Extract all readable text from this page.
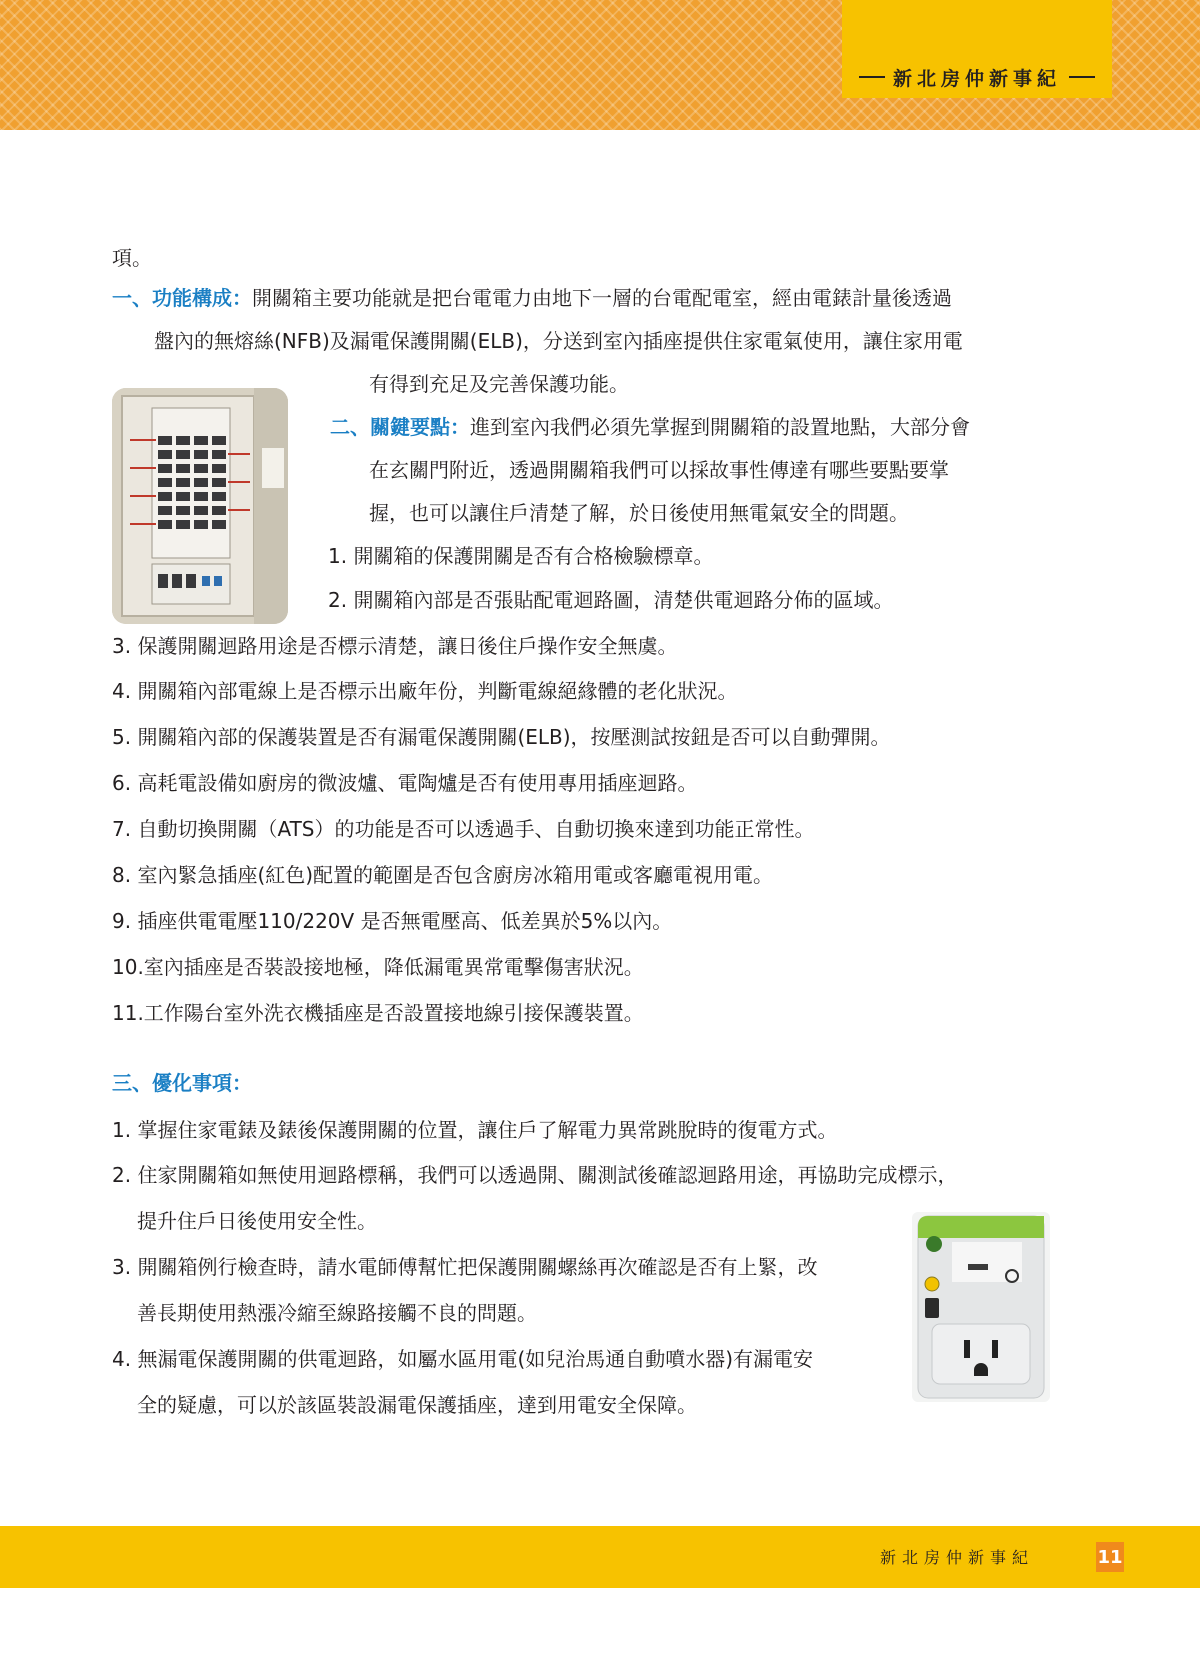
新北房仲新事紀
項。
一、功能構成：開關箱主要功能就是把台電電力由地下一層的台電配電室，經由電錶計量後透過
盤內的無熔絲(NFB)及漏電保護開關(ELB)，分送到室內插座提供住家電氣使用，讓住家用電
有得到充足及完善保護功能。
二、關鍵要點：進到室內我們必須先掌握到開關箱的設置地點，大部分會
在玄關門附近，透過開關箱我們可以採故事性傳達有哪些要點要掌
握，也可以讓住戶清楚了解，於日後使用無電氣安全的問題。
1. 開關箱的保護開關是否有合格檢驗標章。
2. 開關箱內部是否張貼配電迴路圖，清楚供電迴路分佈的區域。
3. 保護開關迴路用途是否標示清楚，讓日後住戶操作安全無虞。
4. 開關箱內部電線上是否標示出廠年份，判斷電線絕緣體的老化狀況。
5. 開關箱內部的保護裝置是否有漏電保護開關(ELB)，按壓測試按鈕是否可以自動彈開。
6. 高耗電設備如廚房的微波爐、電陶爐是否有使用專用插座迴路。
7. 自動切換開關（ATS）的功能是否可以透過手、自動切換來達到功能正常性。
8. 室內緊急插座(紅色)配置的範圍是否包含廚房冰箱用電或客廳電視用電。
9. 插座供電電壓110/220V 是否無電壓高、低差異於5%以內。
10.室內插座是否裝設接地極，降低漏電異常電擊傷害狀況。
11.工作陽台室外洗衣機插座是否設置接地線引接保護裝置。
三、優化事項：
1. 掌握住家電錶及錶後保護開關的位置，讓住戶了解電力異常跳脫時的復電方式。
2. 住家開關箱如無使用迴路標稱，我們可以透過開、關測試後確認迴路用途，再協助完成標示，
提升住戶日後使用安全性。
3. 開關箱例行檢查時，請水電師傅幫忙把保護開關螺絲再次確認是否有上緊，改
善長期使用熱漲冷縮至線路接觸不良的問題。
4. 無漏電保護開關的供電迴路，如屬水區用電(如兒治馬通自動噴水器)有漏電安
全的疑慮，可以於該區裝設漏電保護插座，達到用電安全保障。
新北房仲新事紀	11
